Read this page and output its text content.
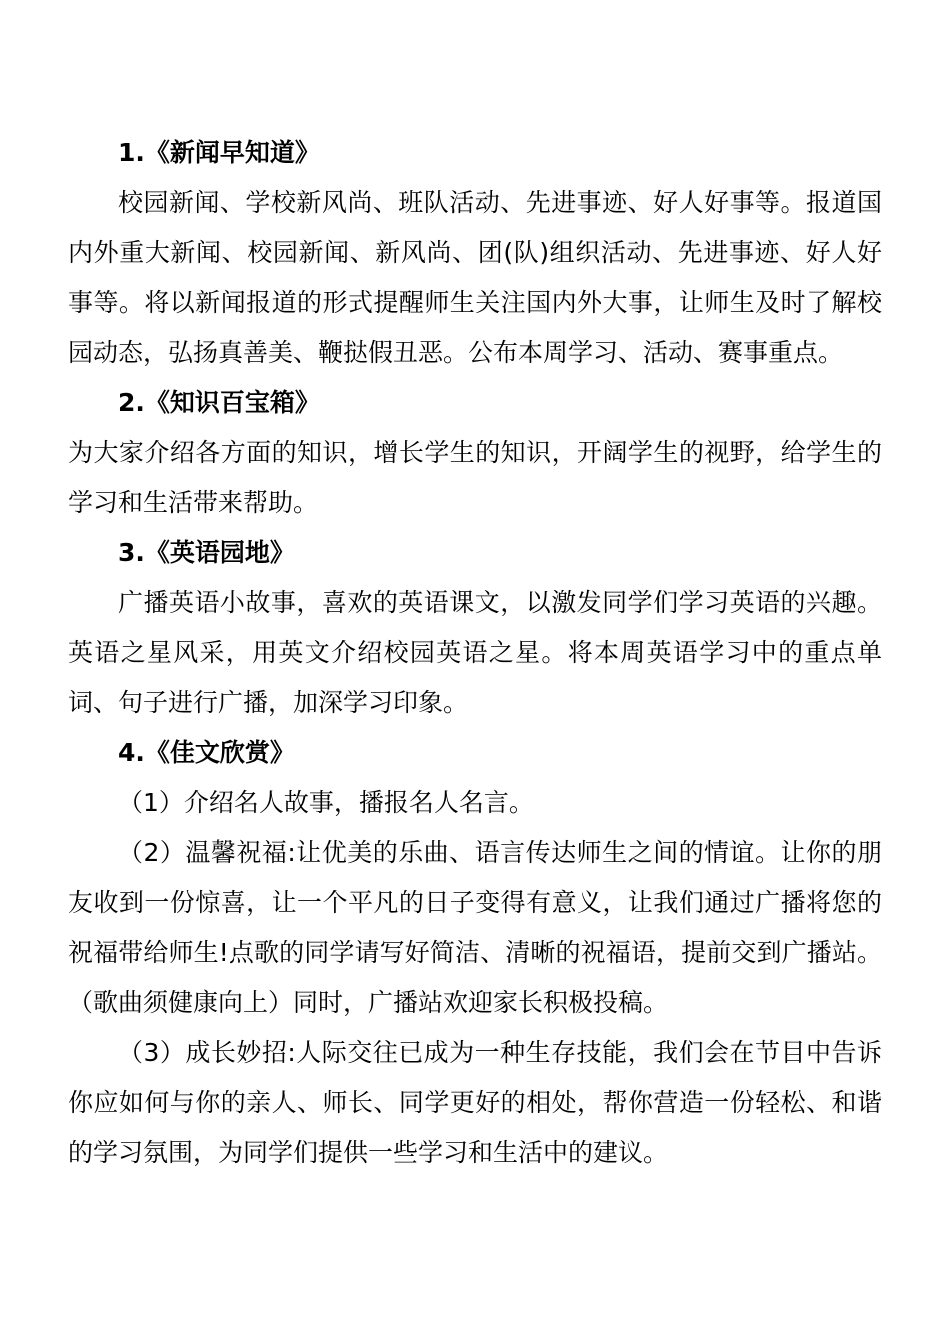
1.《新闻早知道》

校园新闻、学校新风尚、班队活动、先进事迹、好人好事等。报道国内外重大新闻、校园新闻、新风尚、团(队)组织活动、先进事迹、好人好事等。将以新闻报道的形式提醒师生关注国内外大事，让师生及时了解校园动态，弘扬真善美、鞭挞假丑恶。公布本周学习、活动、赛事重点。

2.《知识百宝箱》

为大家介绍各方面的知识，增长学生的知识，开阔学生的视野，给学生的学习和生活带来帮助。

3.《英语园地》

广播英语小故事，喜欢的英语课文，以激发同学们学习英语的兴趣。英语之星风采，用英文介绍校园英语之星。将本周英语学习中的重点单词、句子进行广播，加深学习印象。

4.《佳文欣赏》

（1）介绍名人故事，播报名人名言。

（2）温馨祝福:让优美的乐曲、语言传达师生之间的情谊。让你的朋友收到一份惊喜，让一个平凡的日子变得有意义，让我们通过广播将您的祝福带给师生!点歌的同学请写好简洁、清晰的祝福语，提前交到广播站。（歌曲须健康向上）同时，广播站欢迎家长积极投稿。

（3）成长妙招:人际交往已成为一种生存技能，我们会在节目中告诉你应如何与你的亲人、师长、同学更好的相处，帮你营造一份轻松、和谐的学习氛围，为同学们提供一些学习和生活中的建议。
